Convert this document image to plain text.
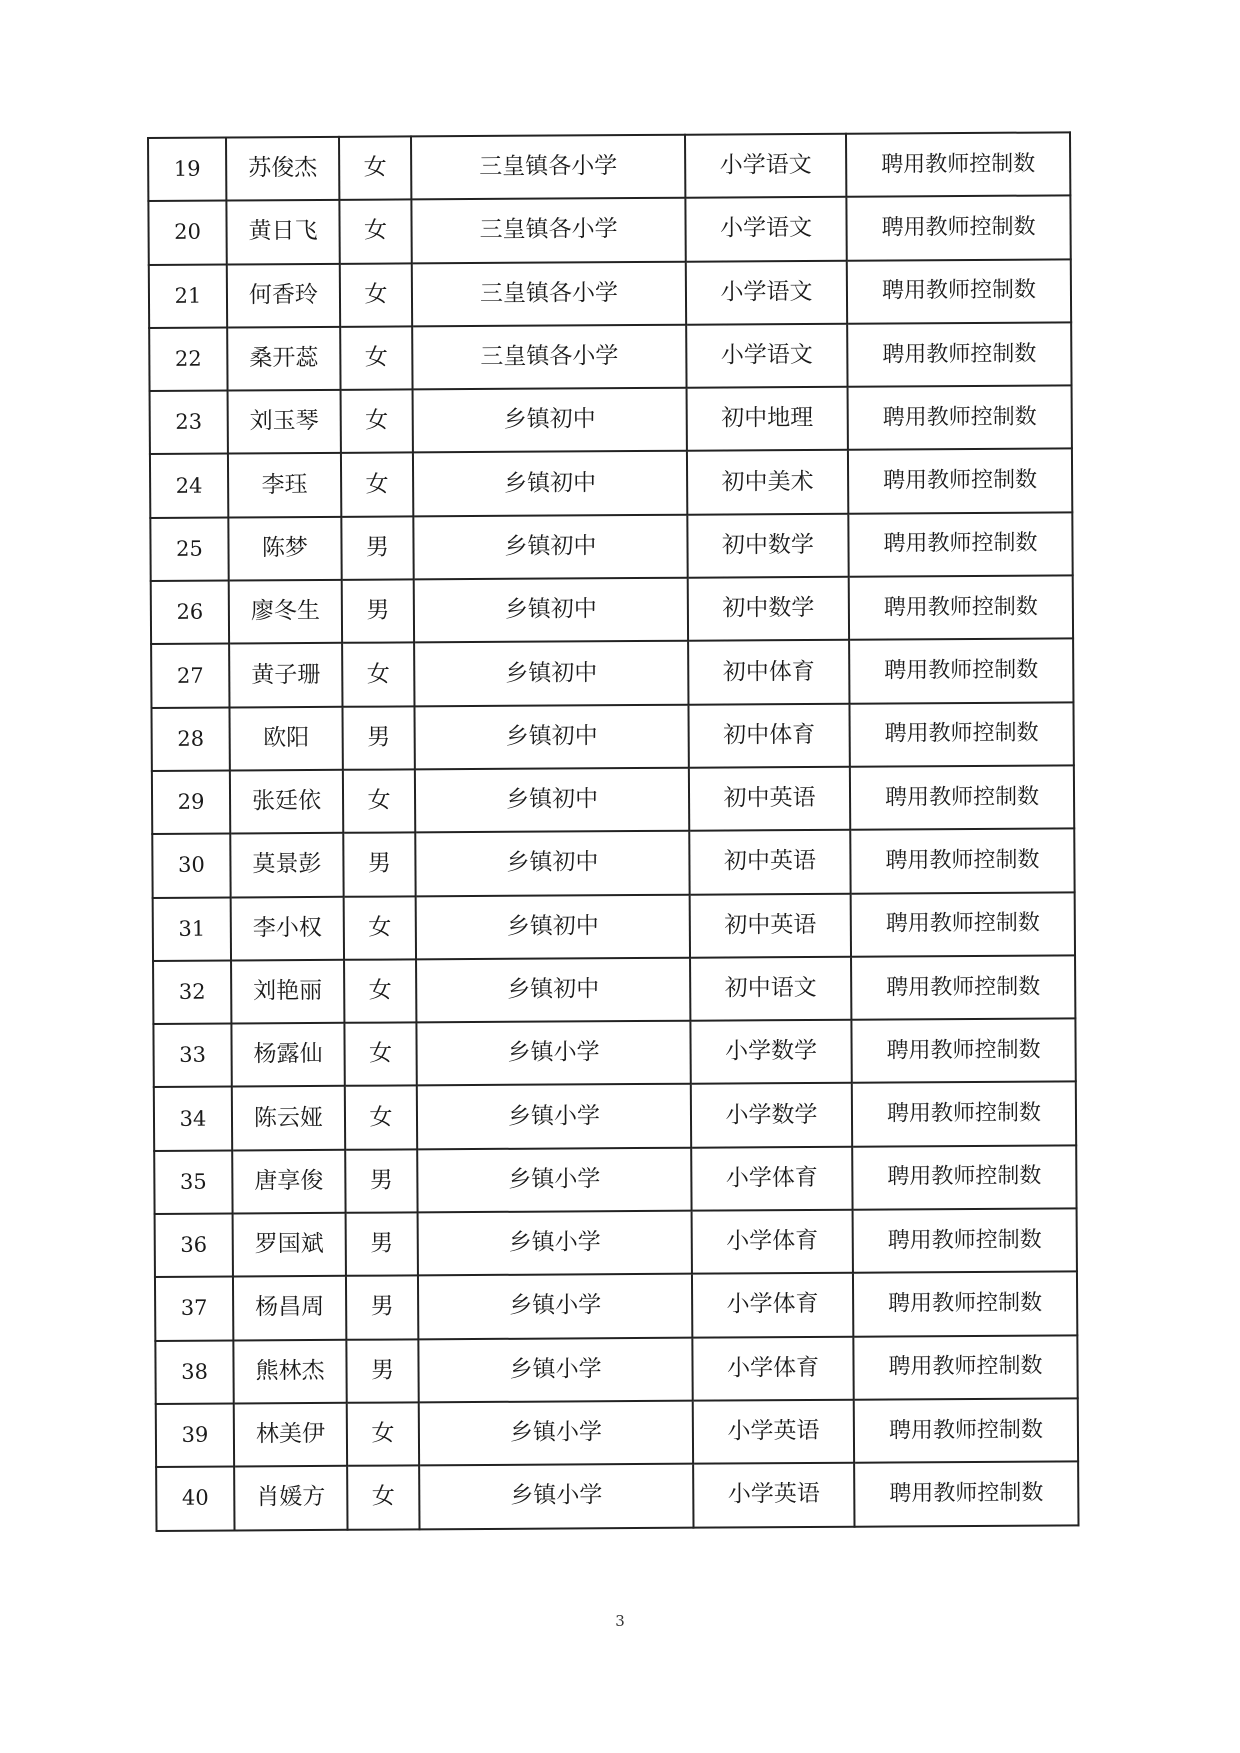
19	苏俊杰	女	三皇镇各小学	小学语文	聘用教师控制数
20	黄日飞	女	三皇镇各小学	小学语文	聘用教师控制数
21	何香玲	女	三皇镇各小学	小学语文	聘用教师控制数
22	桑开蕊	女	三皇镇各小学	小学语文	聘用教师控制数
23	刘玉琴	女	乡镇初中	初中地理	聘用教师控制数
24	李珏	女	乡镇初中	初中美术	聘用教师控制数
25	陈梦	男	乡镇初中	初中数学	聘用教师控制数
26	廖冬生	男	乡镇初中	初中数学	聘用教师控制数
27	黄子珊	女	乡镇初中	初中体育	聘用教师控制数
28	欧阳	男	乡镇初中	初中体育	聘用教师控制数
29	张廷依	女	乡镇初中	初中英语	聘用教师控制数
30	莫景彭	男	乡镇初中	初中英语	聘用教师控制数
31	李小权	女	乡镇初中	初中英语	聘用教师控制数
32	刘艳丽	女	乡镇初中	初中语文	聘用教师控制数
33	杨露仙	女	乡镇小学	小学数学	聘用教师控制数
34	陈云娅	女	乡镇小学	小学数学	聘用教师控制数
35	唐享俊	男	乡镇小学	小学体育	聘用教师控制数
36	罗国斌	男	乡镇小学	小学体育	聘用教师控制数
37	杨昌周	男	乡镇小学	小学体育	聘用教师控制数
38	熊林杰	男	乡镇小学	小学体育	聘用教师控制数
39	林美伊	女	乡镇小学	小学英语	聘用教师控制数
40	肖媛方	女	乡镇小学	小学英语	聘用教师控制数
3
